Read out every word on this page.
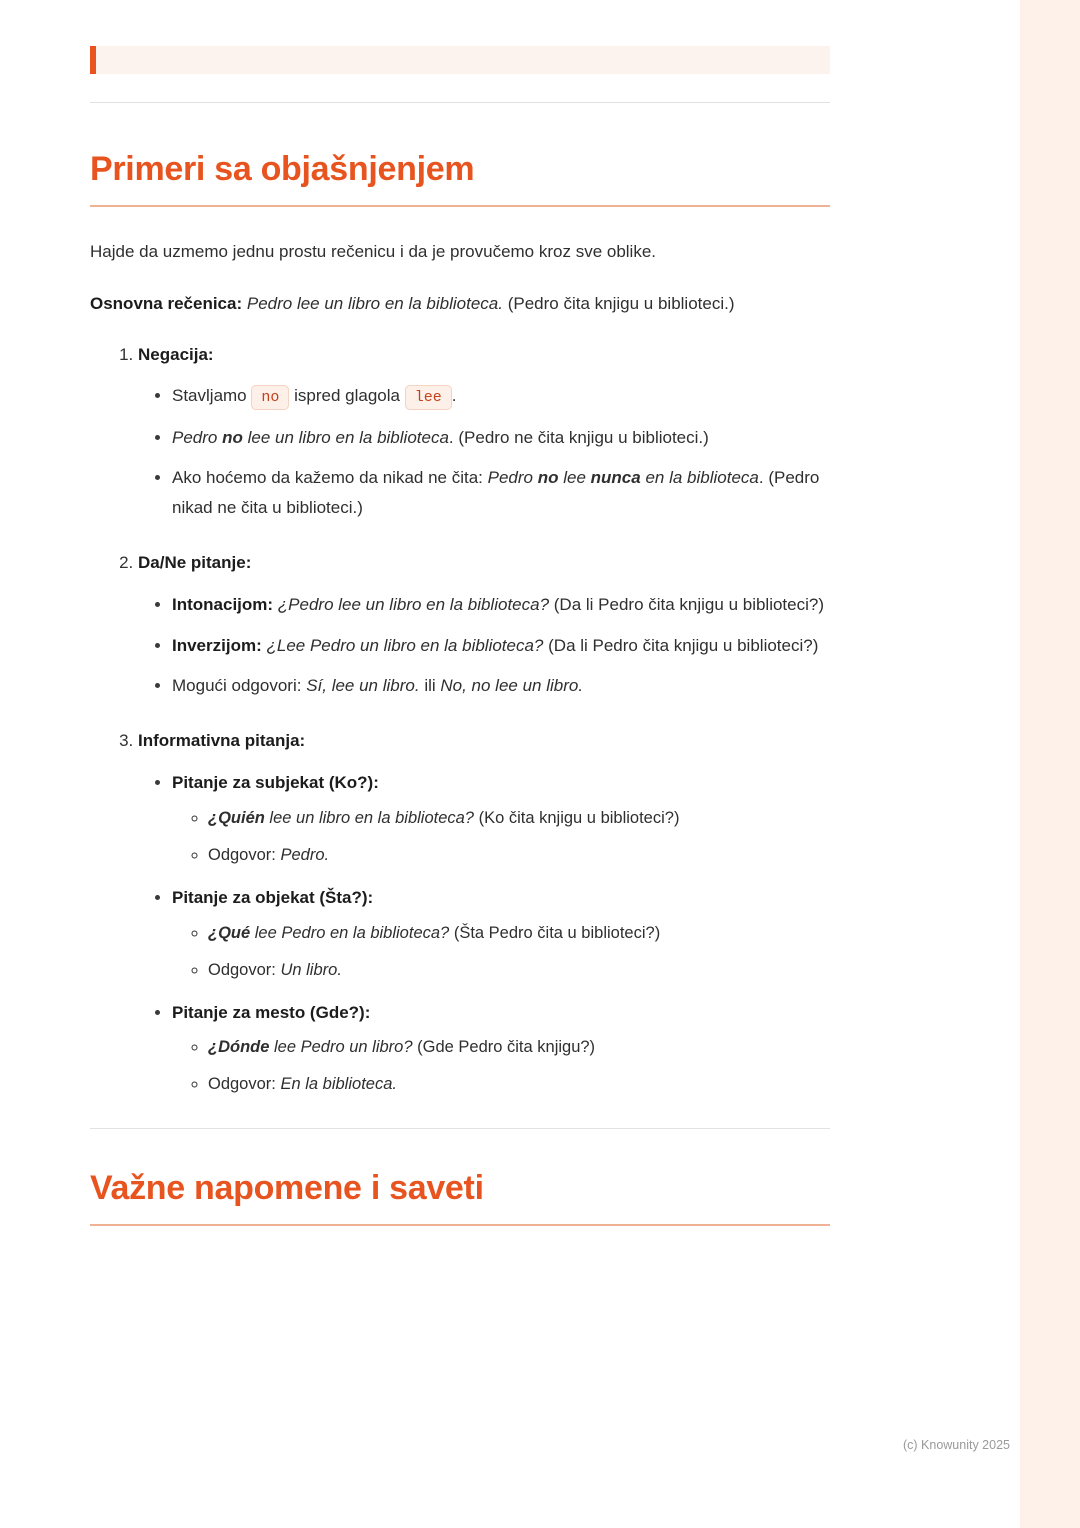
Primeri sa objašnjenjem

Hajde da uzmemo jednu prostu rečenicu i da je provučemo kroz sve oblike.

Osnovna rečenica: Pedro lee un libro en la biblioteca. (Pedro čita knjigu u biblioteci.)

1. Negacija:
• Stavljamo no ispred glagola lee .
• Pedro no lee un libro en la biblioteca. (Pedro ne čita knjigu u biblioteci.)
• Ako hoćemo da kažemo da nikad ne čita: Pedro no lee nunca en la biblioteca. (Pedro nikad ne čita u biblioteci.)
2. Da/Ne pitanje:
• Intonacijom: ¿Pedro lee un libro en la biblioteca? (Da li Pedro čita knjigu u biblioteci?)
• Inverzijom: ¿Lee Pedro un libro en la biblioteca? (Da li Pedro čita knjigu u biblioteci?)
• Mogući odgovori: Sí, lee un libro. ili No, no lee un libro.
3. Informativna pitanja:
• Pitanje za subjekat (Ko?):
◦ ¿Quién lee un libro en la biblioteca? (Ko čita knjigu u biblioteci?)
◦ Odgovor: Pedro.
• Pitanje za objekat (Šta?):
◦ ¿Qué lee Pedro en la biblioteca? (Šta Pedro čita u biblioteci?)
◦ Odgovor: Un libro.
• Pitanje za mesto (Gde?):
◦ ¿Dónde lee Pedro un libro? (Gde Pedro čita knjigu?)
◦ Odgovor: En la biblioteca.
Važne napomene i saveti
(c) Knowunity 2025
